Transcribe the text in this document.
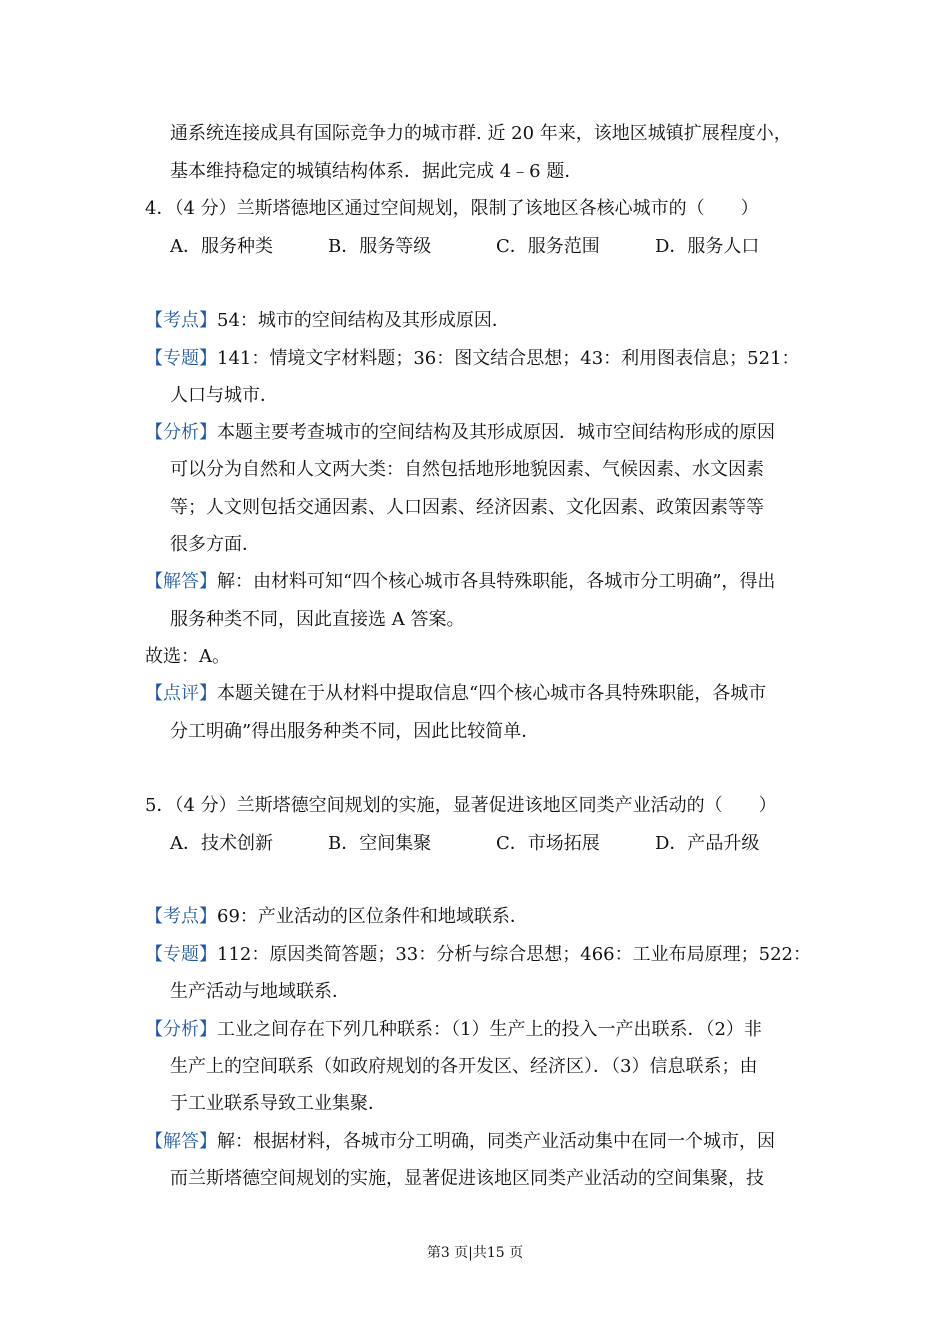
通系统连接成具有国际竞争力的城市群. 近 20 年来，该地区城镇扩展程度小，
基本维持稳定的城镇结构体系．据此完成 4﹣6 题．
4．（4 分）兰斯塔德地区通过空间规划，限制了该地区各核心城市的（　　）
A．服务种类	B．服务等级	C．服务范围	D．服务人口
【考点】54：城市的空间结构及其形成原因．
【专题】141：情境文字材料题；36：图文结合思想；43：利用图表信息；521：
人口与城市．
【分析】本题主要考查城市的空间结构及其形成原因．城市空间结构形成的原因
可以分为自然和人文两大类：自然包括地形地貌因素、气候因素、水文因素
等；人文则包括交通因素、人口因素、经济因素、文化因素、政策因素等等
很多方面．
【解答】解：由材料可知“四个核心城市各具特殊职能，各城市分工明确”，得出
服务种类不同，因此直接选 A 答案。
故选：A。
【点评】本题关键在于从材料中提取信息“四个核心城市各具特殊职能，各城市
分工明确”得出服务种类不同，因此比较简单．
5．（4 分）兰斯塔德空间规划的实施，显著促进该地区同类产业活动的（　　）
A．技术创新	B．空间集聚	C．市场拓展	D．产品升级
【考点】69：产业活动的区位条件和地域联系．
【专题】112：原因类简答题；33：分析与综合思想；466：工业布局原理；522：
生产活动与地域联系．
【分析】工业之间存在下列几种联系：（1）生产上的投入一产出联系．（2）非
生产上的空间联系（如政府规划的各开发区、经济区）．（3）信息联系；由
于工业联系导致工业集聚．
【解答】解：根据材料，各城市分工明确，同类产业活动集中在同一个城市，因
而兰斯塔德空间规划的实施，显著促进该地区同类产业活动的空间集聚，技
第3 页|共15 页
